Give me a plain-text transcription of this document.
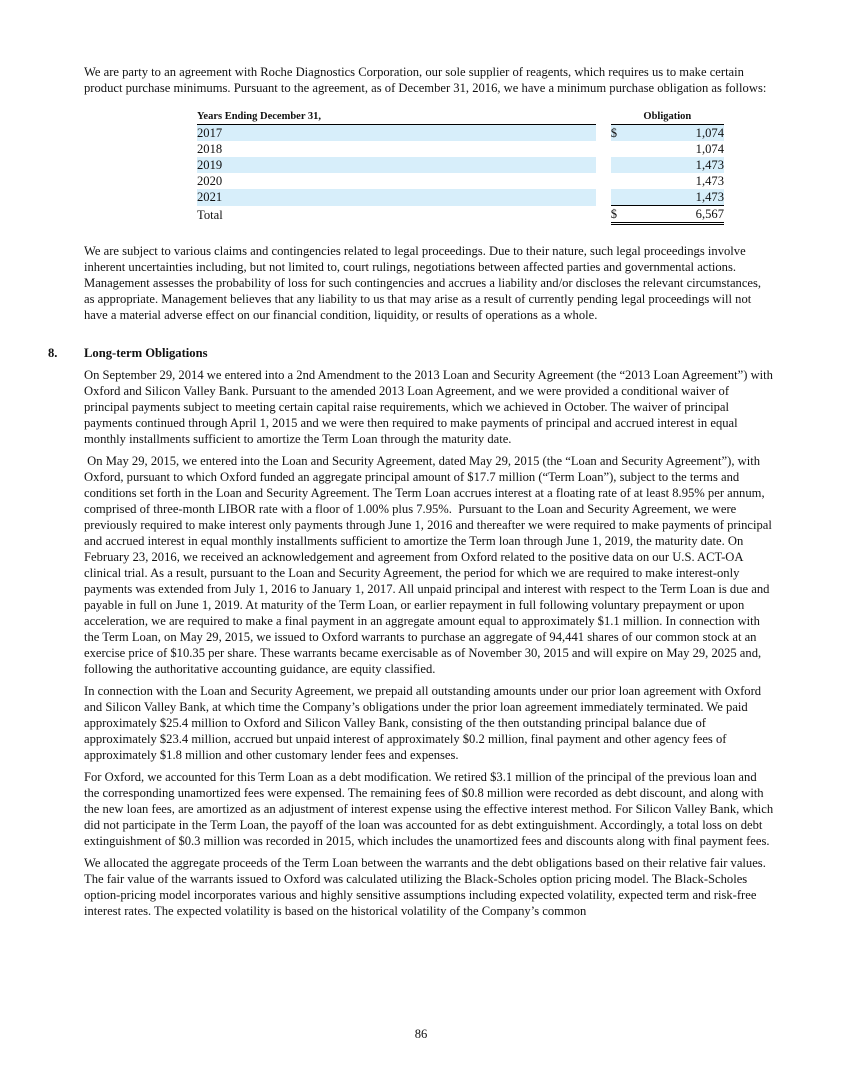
We are party to an agreement with Roche Diagnostics Corporation, our sole supplier of reagents, which requires us to make certain product purchase minimums. Pursuant to the agreement, as of December 31, 2016, we have a minimum purchase obligation as follows:

Years Ending December 31,		Obligation	
2017		$	1,074
2018			1,074
2019			1,473
2020			1,473
2021			1,473
Total		$	6,567

We are subject to various claims and contingencies related to legal proceedings. Due to their nature, such legal proceedings involve inherent uncertainties including, but not limited to, court rulings, negotiations between affected parties and governmental actions. Management assesses the probability of loss for such contingencies and accrues a liability and/or discloses the relevant circumstances, as appropriate. Management believes that any liability to us that may arise as a result of currently pending legal proceedings will not have a material adverse effect on our financial condition, liquidity, or results of operations as a whole.

8.	Long-term Obligations

On September 29, 2014 we entered into a 2nd Amendment to the 2013 Loan and Security Agreement (the “2013 Loan Agreement”) with Oxford and Silicon Valley Bank. Pursuant to the amended 2013 Loan Agreement, and we were provided a conditional waiver of principal payments subject to meeting certain capital raise requirements, which we achieved in October. The waiver of principal payments continued through April 1, 2015 and we were then required to make payments of principal and accrued interest in equal monthly installments sufficient to amortize the Term Loan through the maturity date.

On May 29, 2015, we entered into the Loan and Security Agreement, dated May 29, 2015 (the “Loan and Security Agreement”), with Oxford, pursuant to which Oxford funded an aggregate principal amount of $17.7 million (“Term Loan”), subject to the terms and conditions set forth in the Loan and Security Agreement. The Term Loan accrues interest at a floating rate of at least 8.95% per annum, comprised of three-month LIBOR rate with a floor of 1.00% plus 7.95%.  Pursuant to the Loan and Security Agreement, we were previously required to make interest only payments through June 1, 2016 and thereafter we were required to make payments of principal and accrued interest in equal monthly installments sufficient to amortize the Term loan through June 1, 2019, the maturity date. On February 23, 2016, we received an acknowledgement and agreement from Oxford related to the positive data on our U.S. ACT-OA clinical trial. As a result, pursuant to the Loan and Security Agreement, the period for which we are required to make interest-only payments was extended from July 1, 2016 to January 1, 2017. All unpaid principal and interest with respect to the Term Loan is due and payable in full on June 1, 2019. At maturity of the Term Loan, or earlier repayment in full following voluntary prepayment or upon acceleration, we are required to make a final payment in an aggregate amount equal to approximately $1.1 million. In connection with the Term Loan, on May 29, 2015, we issued to Oxford warrants to purchase an aggregate of 94,441 shares of our common stock at an exercise price of $10.35 per share. These warrants became exercisable as of November 30, 2015 and will expire on May 29, 2025 and, following the authoritative accounting guidance, are equity classified.

In connection with the Loan and Security Agreement, we prepaid all outstanding amounts under our prior loan agreement with Oxford and Silicon Valley Bank, at which time the Company’s obligations under the prior loan agreement immediately terminated. We paid approximately $25.4 million to Oxford and Silicon Valley Bank, consisting of the then outstanding principal balance due of approximately $23.4 million, accrued but unpaid interest of approximately $0.2 million, final payment and other agency fees of approximately $1.8 million and other customary lender fees and expenses.

For Oxford, we accounted for this Term Loan as a debt modification. We retired $3.1 million of the principal of the previous loan and the corresponding unamortized fees were expensed. The remaining fees of $0.8 million were recorded as debt discount, and along with the new loan fees, are amortized as an adjustment of interest expense using the effective interest method. For Silicon Valley Bank, which did not participate in the Term Loan, the payoff of the loan was accounted for as debt extinguishment. Accordingly, a total loss on debt extinguishment of $0.3 million was recorded in 2015, which includes the unamortized fees and discounts along with final payment fees.

We allocated the aggregate proceeds of the Term Loan between the warrants and the debt obligations based on their relative fair values. The fair value of the warrants issued to Oxford was calculated utilizing the Black-Scholes option pricing model. The Black-Scholes option-pricing model incorporates various and highly sensitive assumptions including expected volatility, expected term and risk-free interest rates. The expected volatility is based on the historical volatility of the Company’s common

86
